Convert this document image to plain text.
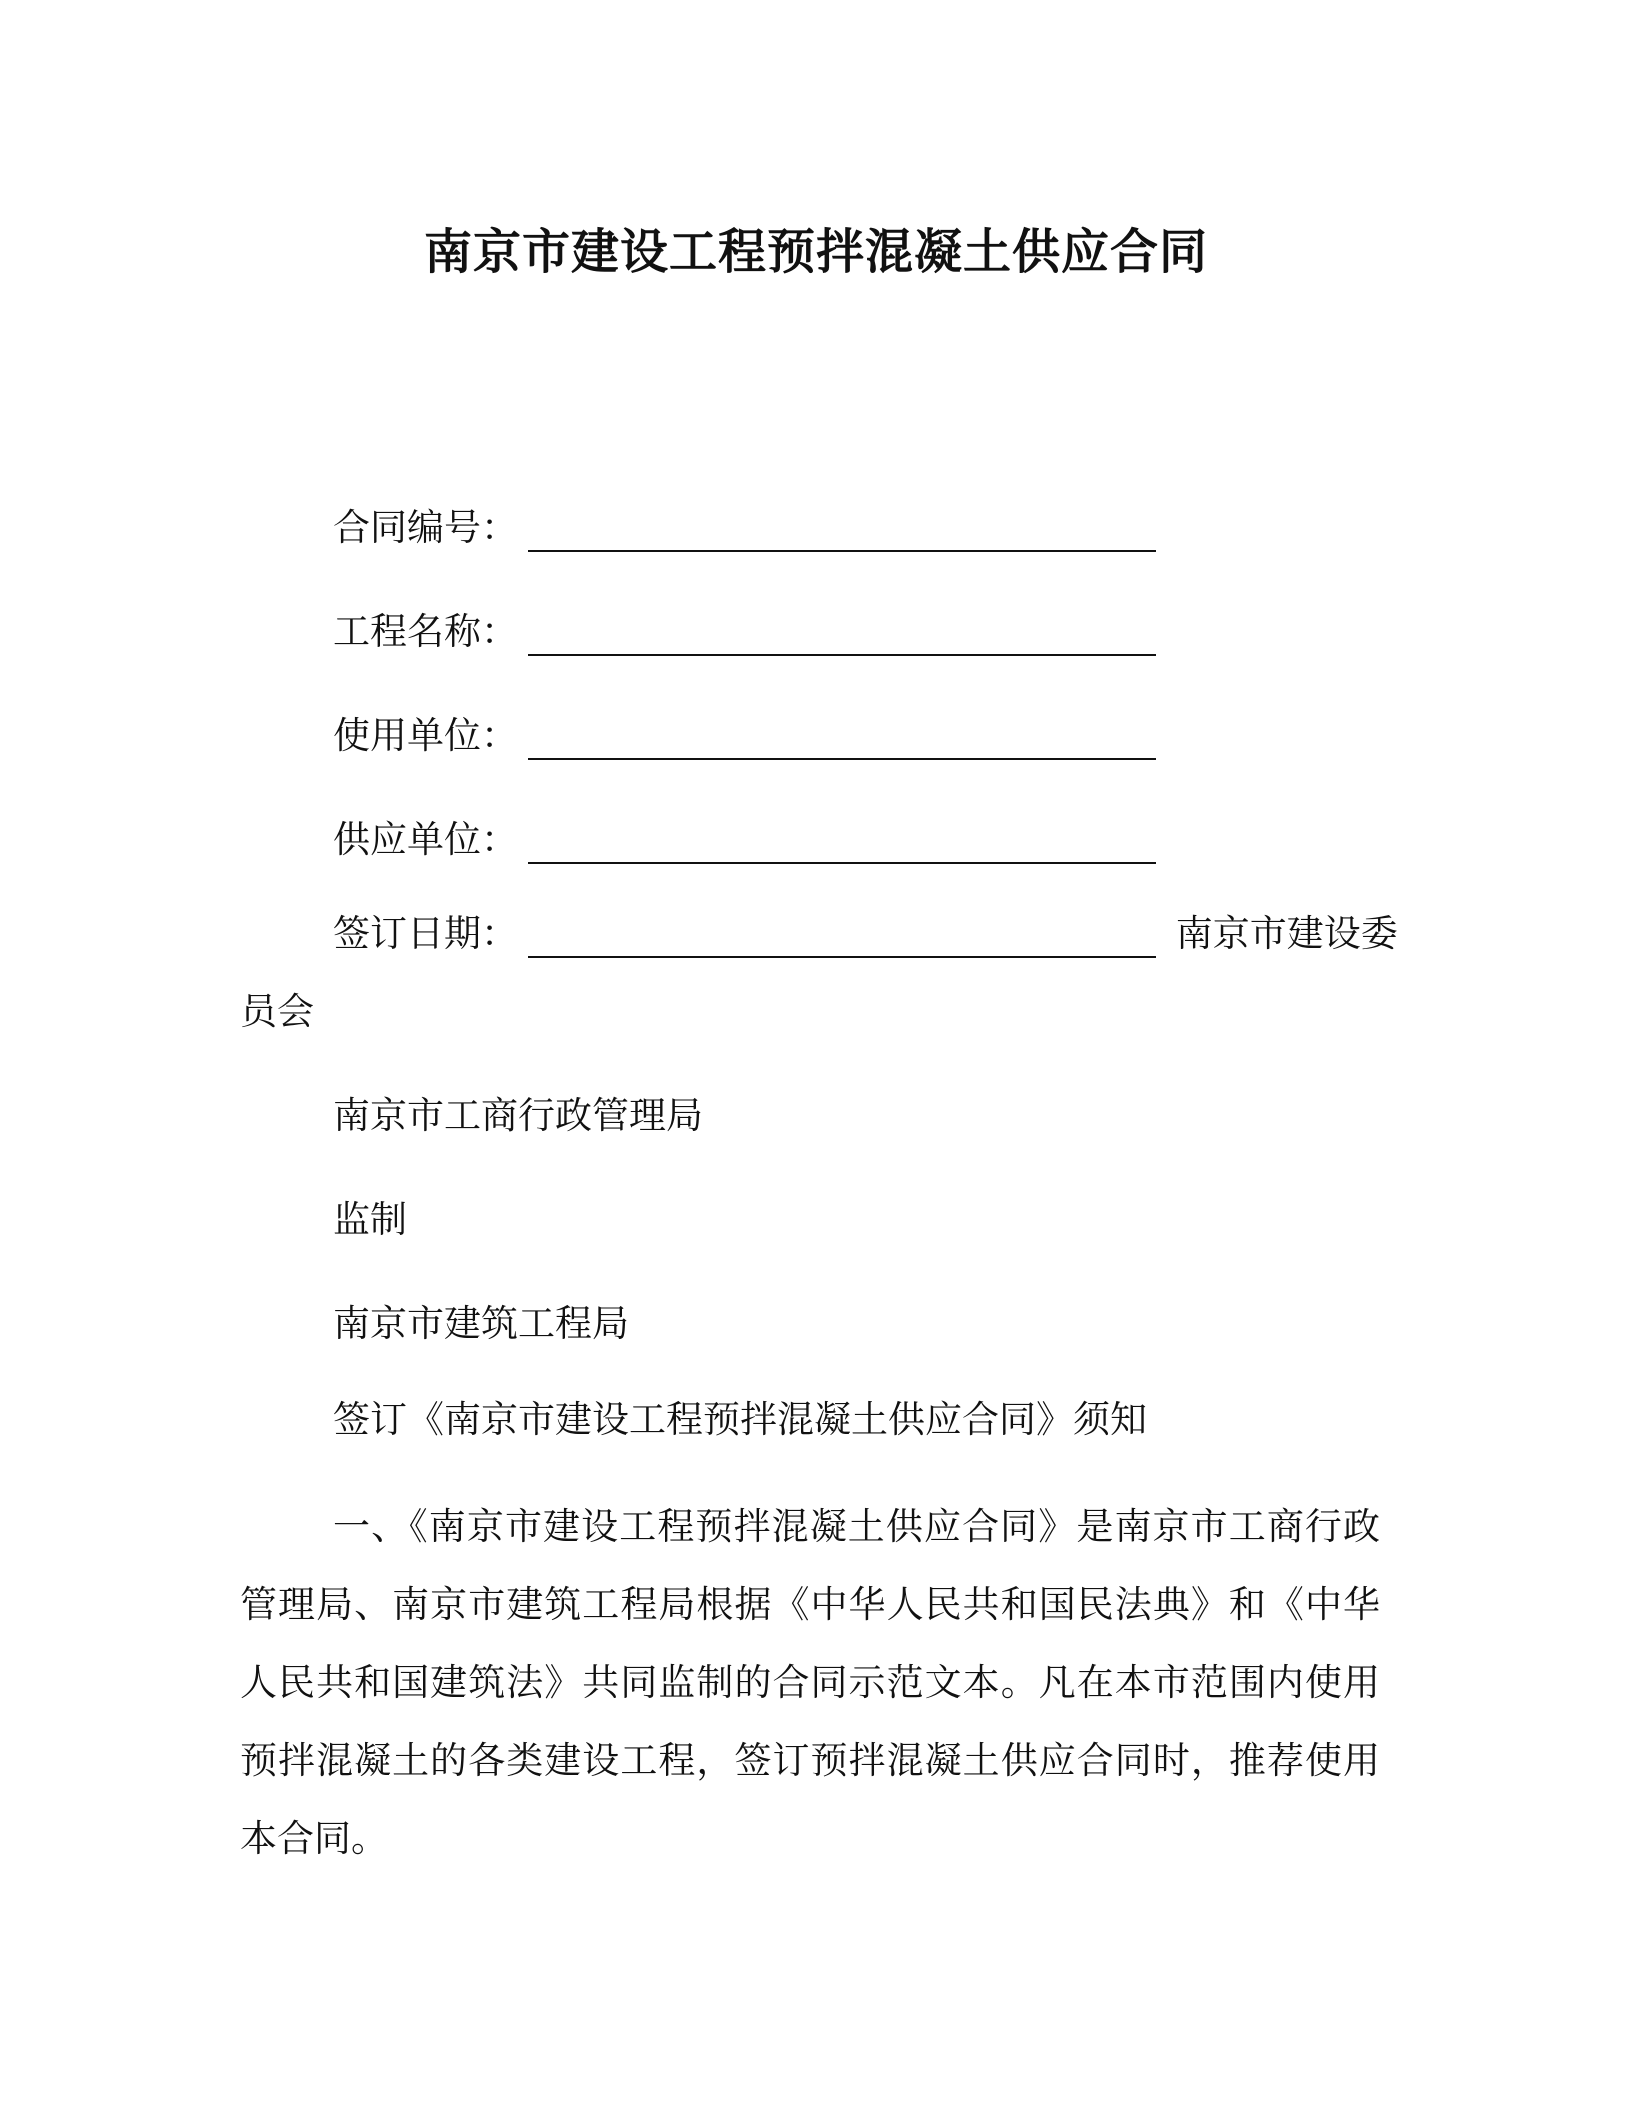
南京市建设工程预拌混凝土供应合同
合同编号：
工程名称：
使用单位：
供应单位：
签订日期：	南京市建设委
员会
南京市工商行政管理局
监制
南京市建筑工程局
签订《南京市建设工程预拌混凝土供应合同》须知

一、《南京市建设工程预拌混凝土供应合同》是南京市工商行政管理局、南京市建筑工程局根据《中华人民共和国民法典》和《中华人民共和国建筑法》共同监制的合同示范文本。凡在本市范围内使用预拌混凝土的各类建设工程，签订预拌混凝土供应合同时，推荐使用本合同。
